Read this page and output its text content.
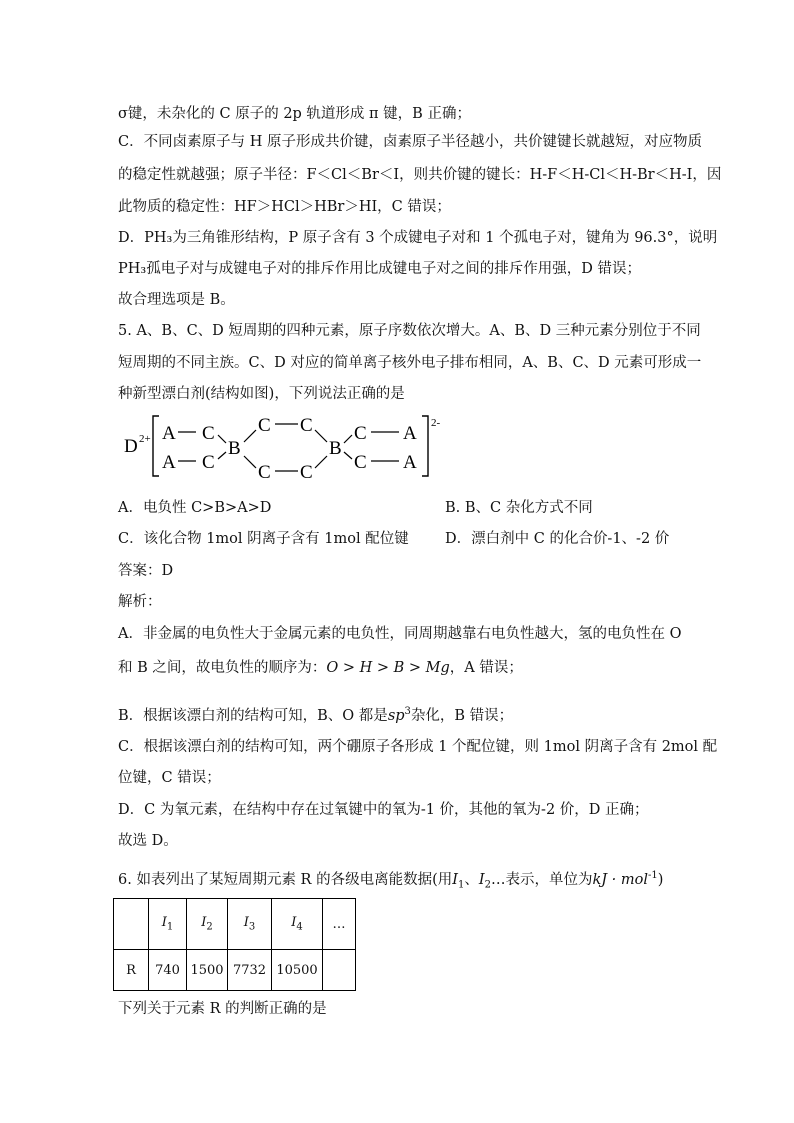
σ键，未杂化的 C 原子的 2p 轨道形成 π 键，B 正确；
C．不同卤素原子与 H 原子形成共价键，卤素原子半径越小，共价键键长就越短，对应物质
的稳定性就越强；原子半径：F＜Cl＜Br＜I，则共价键的键长：H-F＜H-Cl＜H-Br＜H-I，因
此物质的稳定性：HF＞HCl＞HBr＞HI，C 错误；
D．PH₃为三角锥形结构，P 原子含有 3 个成键电子对和 1 个孤电子对，键角为 96.3°，说明
PH₃孤电子对与成键电子对的排斥作用比成键电子对之间的排斥作用强，D 错误；
故合理选项是 B。
5. A、B、C、D 短周期的四种元素，原子序数依次增大。A、B、D 三种元素分别位于不同
短周期的不同主族。C、D 对应的简单离子核外电子排布相同，A、B、C、D 元素可形成一
种新型漂白剂(结构如图)，下列说法正确的是
D 2+
2-
A
A
C
C
B
C C
C C
B
C
C
A
A
A．电负性 C>B>A>D	B. B、C 杂化方式不同
C．该化合物 1mol 阴离子含有 1mol 配位键	D．漂白剂中 C 的化合价-1、-2 价
答案：D
解析：
A．非金属的电负性大于金属元素的电负性，同周期越靠右电负性越大，氢的电负性在 O
和 B 之间，故电负性的顺序为：O > H > B > Mg，A 错误；
B．根据该漂白剂的结构可知，B、O 都是$sp^3$杂化，B 错误；
C．根据该漂白剂的结构可知，两个硼原子各形成 1 个配位键，则 1mol 阴离子含有 2mol 配
位键，C 错误；
D．C 为氧元素，在结构中存在过氧键中的氧为-1 价，其他的氧为-2 价，D 正确；
故选 D。
6. 如表列出了某短周期元素 R 的各级电离能数据(用$I_1$、$I_2\dots$表示，单位为kJ · mol$^{-1}$)
	$I_1$	$I_2$	$I_3$	$I_4$	…
R	740	1500	7732	10500	
下列关于元素 R 的判断正确的是
